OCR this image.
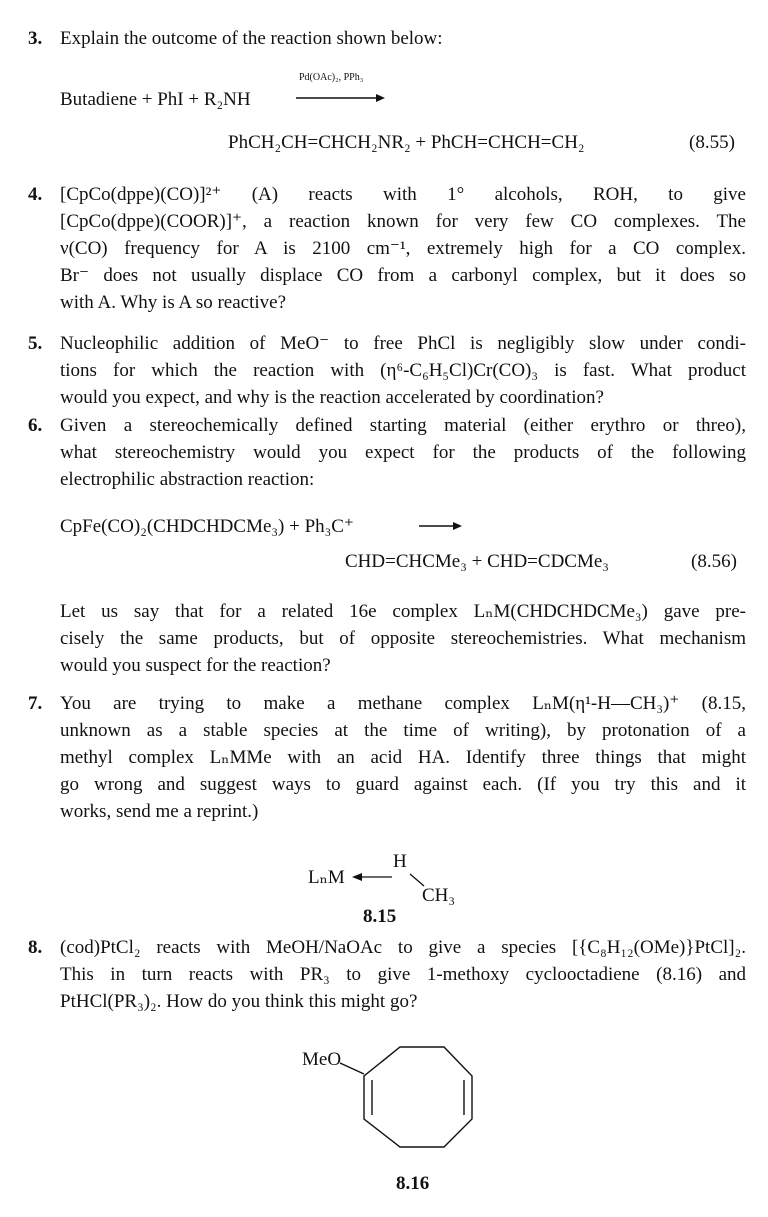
3. Explain the outcome of the reaction shown below:
Butadiene + PhI + R₂NH
Pd(OAc)₂, PPh₃
PhCH₂CH=CHCH₂NR₂ + PhCH=CHCH=CH₂	(8.55)
4. [CpCo(dppe)(CO)]²⁺ (A) reacts with 1° alcohols, ROH, to give
[CpCo(dppe)(COOR)]⁺, a reaction known for very few CO complexes. The
ν(CO) frequency for A is 2100 cm⁻¹, extremely high for a CO complex.
Br⁻ does not usually displace CO from a carbonyl complex, but it does so
with A. Why is A so reactive?
5. Nucleophilic addition of MeO⁻ to free PhCl is negligibly slow under condi-
tions for which the reaction with (η⁶-C₆H₅Cl)Cr(CO)₃ is fast. What product
would you expect, and why is the reaction accelerated by coordination?
6. Given a stereochemically defined starting material (either erythro or threo),
what stereochemistry would you expect for the products of the following
electrophilic abstraction reaction:
CpFe(CO)₂(CHDCHDCMe₃) + Ph₃C⁺
CHD=CHCMe₃ + CHD=CDCMe₃	(8.56)
Let us say that for a related 16e complex LₙM(CHDCHDCMe₃) gave pre-
cisely the same products, but of opposite stereochemistries. What mechanism
would you suspect for the reaction?
7. You are trying to make a methane complex LₙM(η¹-H—CH₃)⁺ (8.15,
unknown as a stable species at the time of writing), by protonation of a
methyl complex LₙMMe with an acid HA. Identify three things that might
go wrong and suggest ways to guard against each. (If you try this and it
works, send me a reprint.)
LₙM
H
CH₃
8.15
8. (cod)PtCl₂ reacts with MeOH/NaOAc to give a species [{C₈H₁₂(OMe)}PtCl]₂.
This in turn reacts with PR₃ to give 1-methoxy cyclooctadiene (8.16) and
PtHCl(PR₃)₂. How do you think this might go?
MeO
8.16
